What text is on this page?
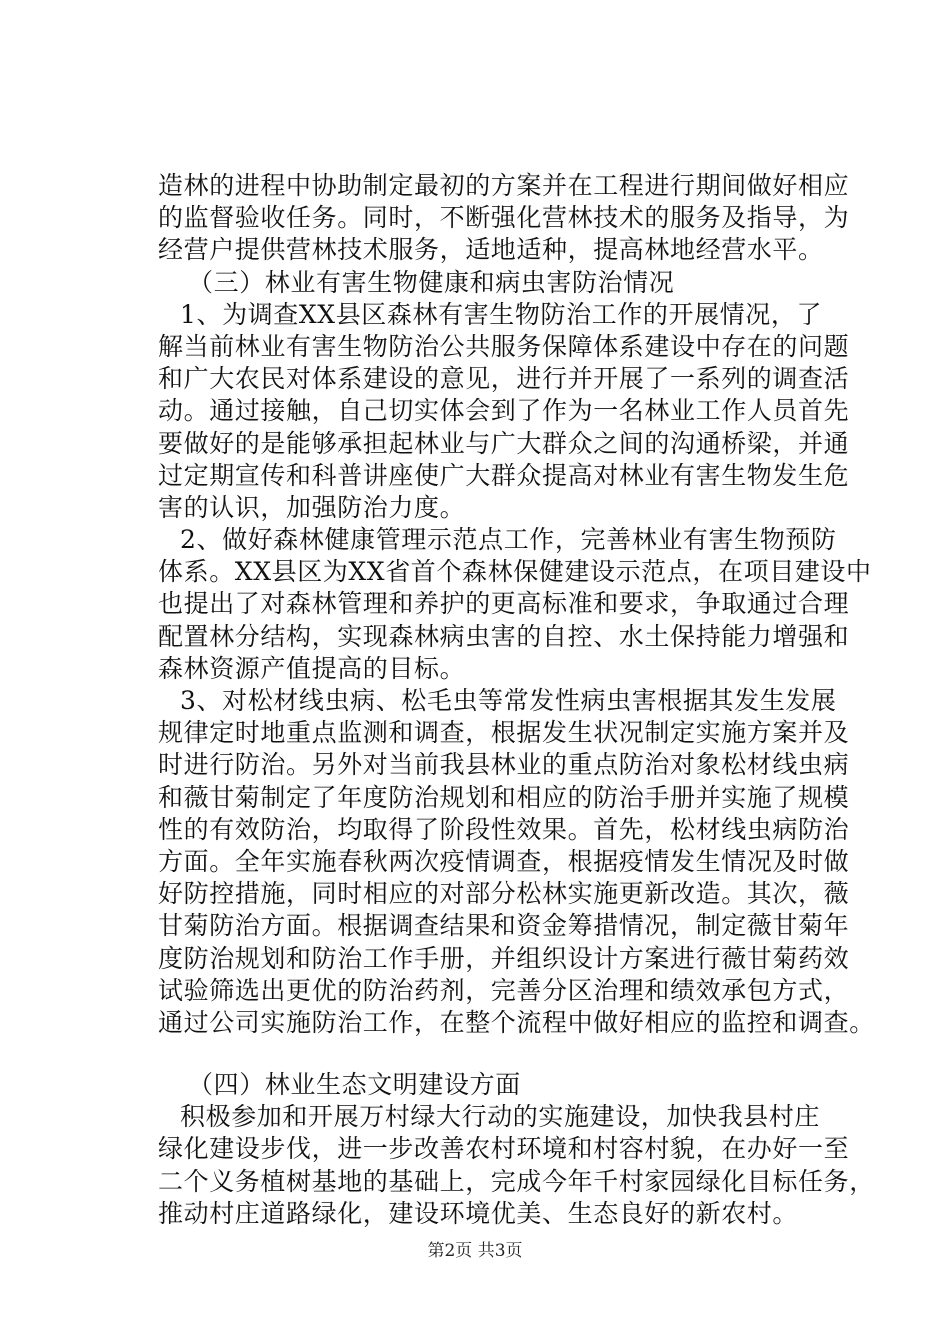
造林的进程中协助制定最初的方案并在工程进行期间做好相应
的监督验收任务。同时，不断强化营林技术的服务及指导，为
经营户提供营林技术服务，适地适种，提高林地经营水平。
（三）林业有害生物健康和病虫害防治情况
1、为调查XX县区森林有害生物防治工作的开展情况，了
解当前林业有害生物防治公共服务保障体系建设中存在的问题
和广大农民对体系建设的意见，进行并开展了一系列的调查活
动。通过接触，自己切实体会到了作为一名林业工作人员首先
要做好的是能够承担起林业与广大群众之间的沟通桥梁，并通
过定期宣传和科普讲座使广大群众提高对林业有害生物发生危
害的认识，加强防治力度。
2、做好森林健康管理示范点工作，完善林业有害生物预防
体系。XX县区为XX省首个森林保健建设示范点，在项目建设中
也提出了对森林管理和养护的更高标准和要求，争取通过合理
配置林分结构，实现森林病虫害的自控、水土保持能力增强和
森林资源产值提高的目标。
3、对松材线虫病、松毛虫等常发性病虫害根据其发生发展
规律定时地重点监测和调查，根据发生状况制定实施方案并及
时进行防治。另外对当前我县林业的重点防治对象松材线虫病
和薇甘菊制定了年度防治规划和相应的防治手册并实施了规模
性的有效防治，均取得了阶段性效果。首先，松材线虫病防治
方面。全年实施春秋两次疫情调查，根据疫情发生情况及时做
好防控措施，同时相应的对部分松林实施更新改造。其次，薇
甘菊防治方面。根据调查结果和资金筹措情况，制定薇甘菊年
度防治规划和防治工作手册，并组织设计方案进行薇甘菊药效
试验筛选出更优的防治药剂，完善分区治理和绩效承包方式，
通过公司实施防治工作，在整个流程中做好相应的监控和调查。
（四）林业生态文明建设方面
积极参加和开展万村绿大行动的实施建设，加快我县村庄
绿化建设步伐，进一步改善农村环境和村容村貌，在办好一至
二个义务植树基地的基础上，完成今年千村家园绿化目标任务，
推动村庄道路绿化，建设环境优美、生态良好的新农村。
第2页 共3页
